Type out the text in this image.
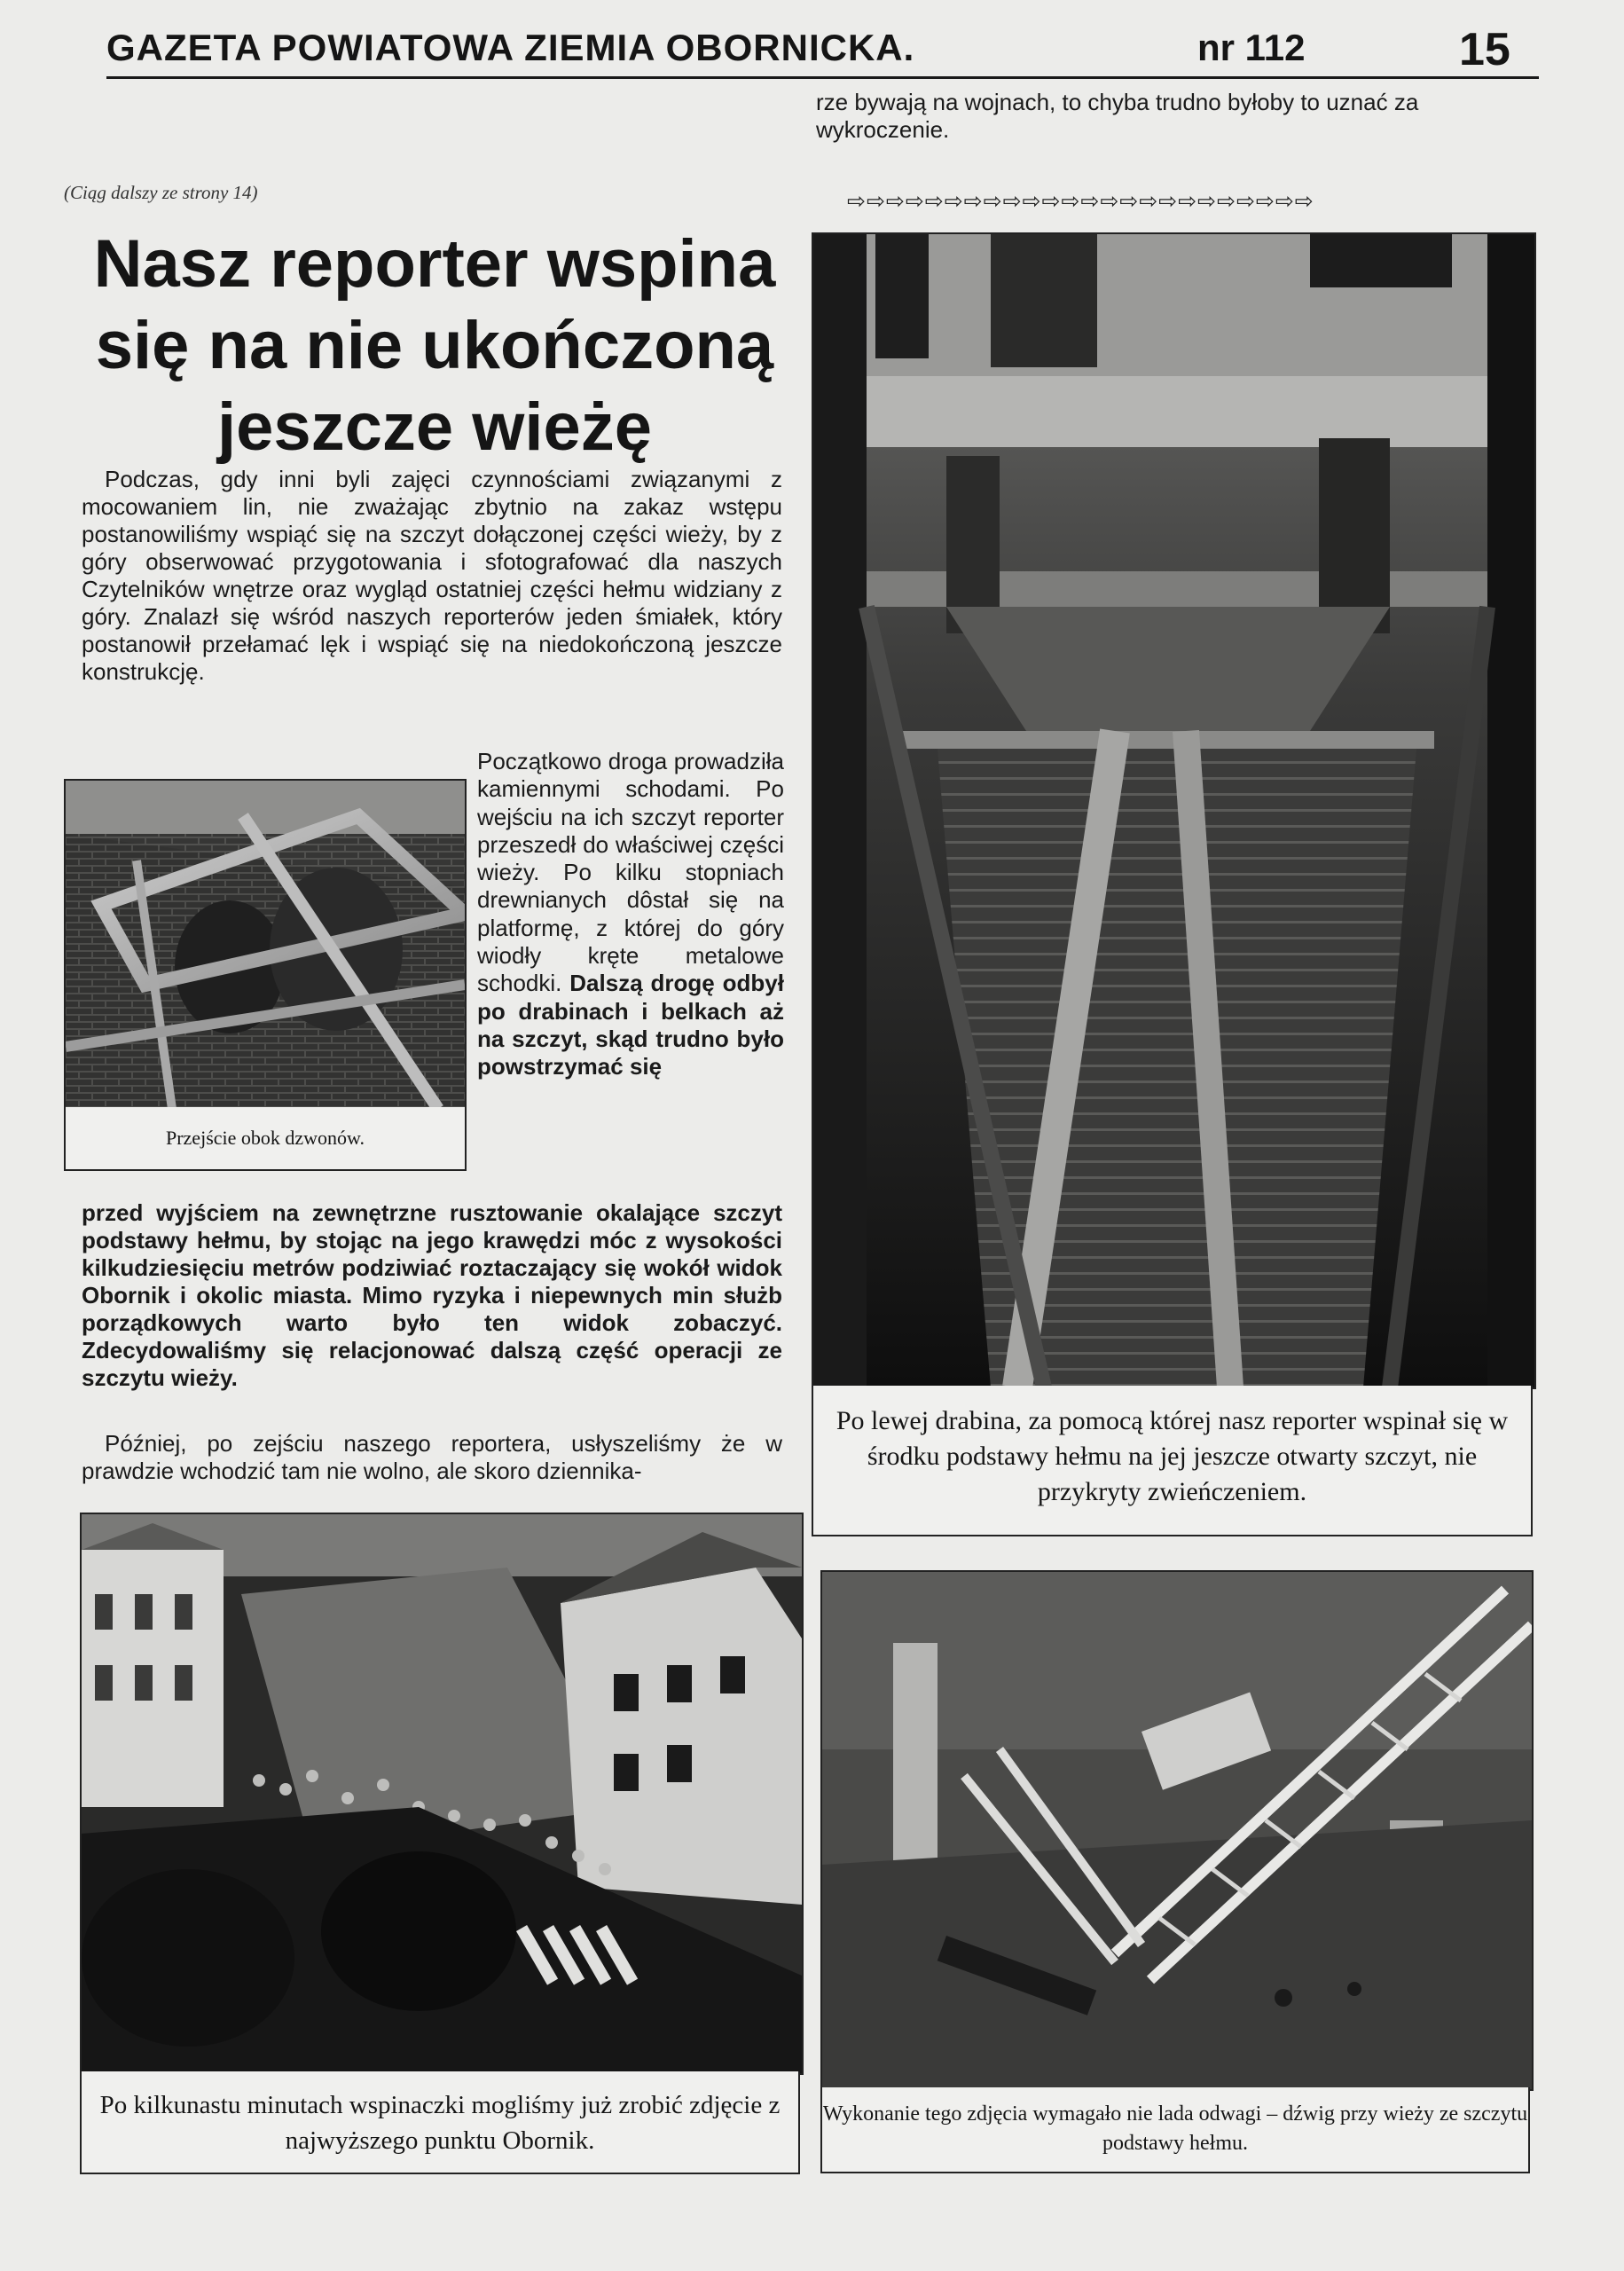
GAZETA POWIATOWA ZIEMIA OBORNICKA.	nr 112	15
rze bywają na wojnach, to chyba trudno byłoby to uznać za wykroczenie.
(Ciąg dalszy ze strony 14)	⇨⇨⇨⇨⇨⇨⇨⇨⇨⇨⇨⇨⇨⇨⇨⇨⇨⇨⇨⇨⇨⇨⇨⇨
Nasz reporter wspina się na nie ukończoną jeszcze wieżę
Podczas, gdy inni byli zajęci czynnościami związanymi z mocowaniem lin, nie zważając zbytnio na zakaz wstępu postanowiliśmy wspiąć się na szczyt dołączonej części wieży, by z góry obserwować przygotowania i sfotografować dla naszych Czytelników wnętrze oraz wygląd ostatniej części hełmu widziany z góry. Znalazł się wśród naszych reporterów jeden śmiałek, który postanowił przełamać lęk i wspiąć się na niedokończoną jeszcze konstrukcję.
Przejście obok dzwonów.
Początkowo droga prowadziła kamiennymi schodami. Po wejściu na ich szczyt reporter przeszedł do właściwej części wieży. Po kilku stopniach drewnianych dôstał się na platformę, z której do góry wiodły kręte metalowe schodki. Dalszą drogę odbył po drabinach i belkach aż na szczyt, skąd trudno było powstrzymać się
przed wyjściem na zewnętrzne rusztowanie okalające szczyt podstawy hełmu, by stojąc na jego krawędzi móc z wysokości kilkudziesięciu metrów podziwiać roztaczający się wokół widok Obornik i okolic miasta. Mimo ryzyka i niepewnych min służb porządkowych warto było ten widok zobaczyć. Zdecydowaliśmy się relacjonować dalszą część operacji ze szczytu wieży.
Później, po zejściu naszego reportera, usłyszeliśmy że w prawdzie wchodzić tam nie wolno, ale skoro dziennika-
Po lewej drabina, za pomocą której nasz reporter wspinał się w środku podstawy hełmu na jej jeszcze otwarty szczyt, nie przykryty zwieńczeniem.
Po kilkunastu minutach wspinaczki mogliśmy już zrobić zdjęcie z najwyższego punktu Obornik.
Wykonanie tego zdjęcia wymagało nie lada odwagi – dźwig przy wieży ze szczytu podstawy hełmu.
